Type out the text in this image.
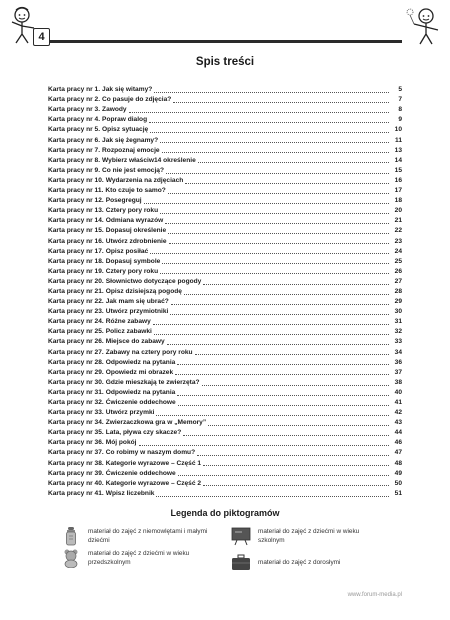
4
Spis treści
Karta pracy nr 1. Jak się witamy?	5
Karta pracy nr 2. Co pasuje do zdjęcia?	7
Karta pracy nr 3. Zawody	8
Karta pracy nr 4. Popraw dialog	9
Karta pracy nr 5. Opisz sytuację	10
Karta pracy nr 6. Jak się żegnamy?	11
Karta pracy nr 7. Rozpoznaj emocje	13
Karta pracy nr 8. Wybierz właściw14 określenie	14
Karta pracy nr 9. Co nie jest emocją?	15
Karta pracy nr 10. Wydarzenia na zdjęciach	16
Karta pracy nr 11. Kto czuje to samo?	17
Karta pracy nr 12. Posegreguj	18
Karta pracy nr 13. Cztery pory roku	20
Karta pracy nr 14. Odmiana wyrazów	21
Karta pracy nr 15. Dopasuj określenie	22
Karta pracy nr 16. Utwórz zdrobnienie	23
Karta pracy nr 17. Opisz posiłać	24
Karta pracy nr 18. Dopasuj symbole	25
Karta pracy nr 19. Cztery pory roku	26
Karta pracy nr 20. Słownictwo dotyczące pogody	27
Karta pracy nr 21. Opisz dzisiejszą pogodę	28
Karta pracy nr 22. Jak mam się ubrać?	29
Karta pracy nr 23. Utwórz przymiotniki	30
Karta pracy nr 24. Różne zabawy	31
Karta pracy nr 25. Policz zabawki	32
Karta pracy nr 26. Miejsce do zabawy	33
Karta pracy nr 27. Zabawy na cztery pory roku	34
Karta pracy nr 28. Odpowiedz na pytania	36
Karta pracy nr 29. Opowiedz mi obrazek	37
Karta pracy nr 30. Gdzie mieszkają te zwierzęta?	38
Karta pracy nr 31. Odpowiedz na pytania	40
Karta pracy nr 32. Ćwiczenie oddechowe	41
Karta pracy nr 33. Utwórz przymki	42
Karta pracy nr 34. Zwierzaczkowa gra w „Memory”	43
Karta pracy nr 35. Lata, pływa czy skacze?	44
Karta pracy nr 36. Mój pokój	46
Karta pracy nr 37. Co robimy w naszym domu?	47
Karta pracy nr 38. Kategorie wyrazowe – Część 1	48
Karta pracy nr 39. Ćwiczenie oddechowe	49
Karta pracy nr 40. Kategorie wyrazowe – Część 2	50
Karta pracy nr 41. Wpisz liczebnik	51
Legenda do piktogramów
materiał do zajęć z niemowlętami i małymi dziećmi
materiał do zajęć z dziećmi w wieku szkolnym
materiał do zajęć z dziećmi w wieku przedszkolnym	materiał do zajęć z dorosłymi
www.forum-media.pl
